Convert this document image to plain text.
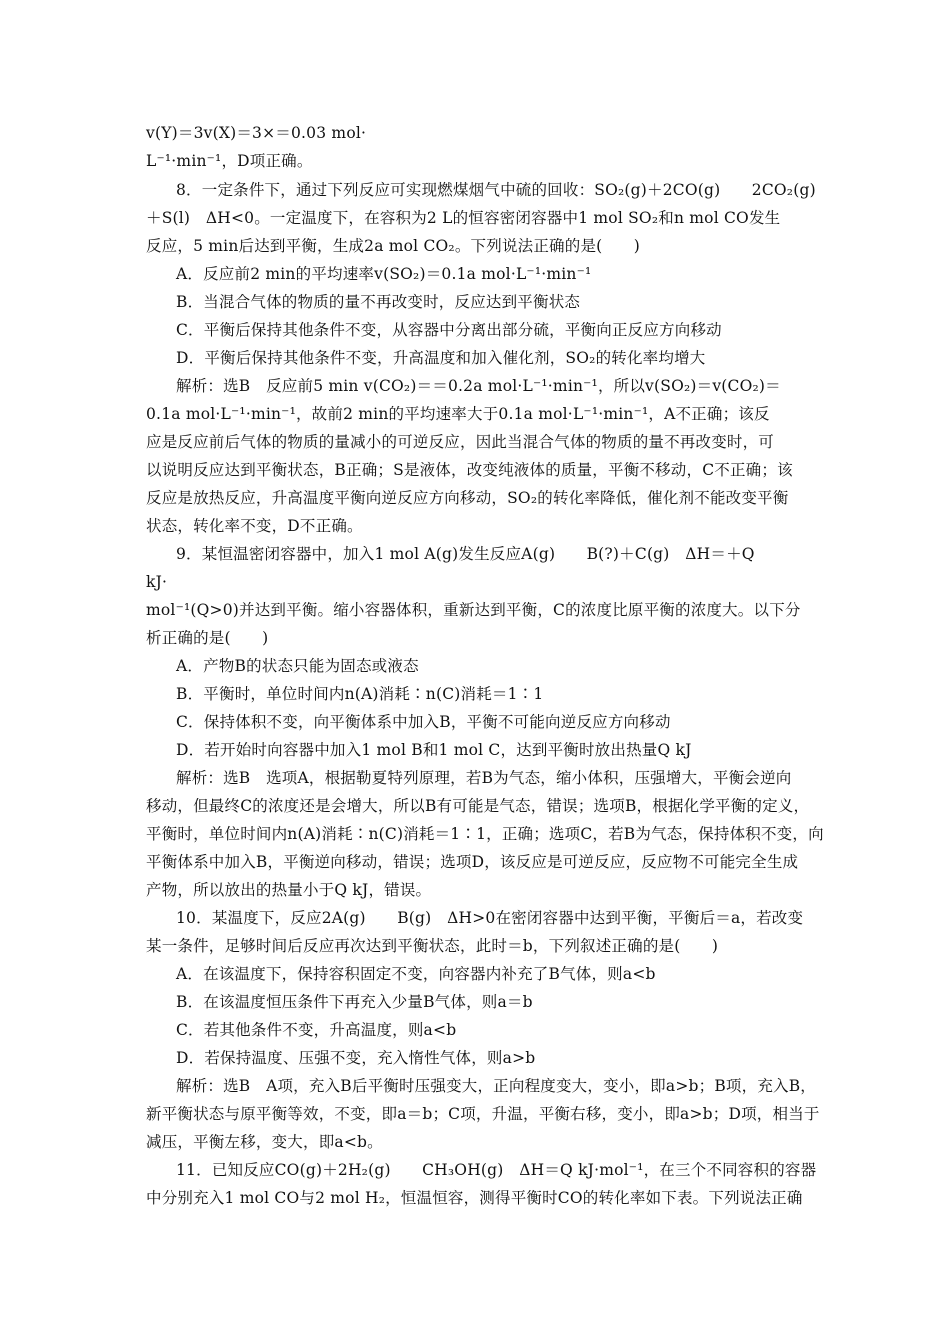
v(Y)＝3v(X)＝3×＝0.03 mol·
L⁻¹·min⁻¹，D项正确。
8．一定条件下，通过下列反应可实现燃煤烟气中硫的回收：SO₂(g)＋2CO(g)　　2CO₂(g)
＋S(l)　ΔH<0。一定温度下，在容积为2 L的恒容密闭容器中1 mol SO₂和n mol CO发生
反应，5 min后达到平衡，生成2a mol CO₂。下列说法正确的是(　　)
A．反应前2 min的平均速率v(SO₂)＝0.1a mol·L⁻¹·min⁻¹
B．当混合气体的物质的量不再改变时，反应达到平衡状态
C．平衡后保持其他条件不变，从容器中分离出部分硫，平衡向正反应方向移动
D．平衡后保持其他条件不变，升高温度和加入催化剂，SO₂的转化率均增大
解析：选B　反应前5 min v(CO₂)＝＝0.2a mol·L⁻¹·min⁻¹，所以v(SO₂)＝v(CO₂)＝
0.1a mol·L⁻¹·min⁻¹，故前2 min的平均速率大于0.1a mol·L⁻¹·min⁻¹，A不正确；该反
应是反应前后气体的物质的量减小的可逆反应，因此当混合气体的物质的量不再改变时，可
以说明反应达到平衡状态，B正确；S是液体，改变纯液体的质量，平衡不移动，C不正确；该
反应是放热反应，升高温度平衡向逆反应方向移动，SO₂的转化率降低，催化剂不能改变平衡
状态，转化率不变，D不正确。
9．某恒温密闭容器中，加入1 mol A(g)发生反应A(g)　　B(?)＋C(g)　ΔH＝＋Q
kJ·
mol⁻¹(Q>0)并达到平衡。缩小容器体积，重新达到平衡，C的浓度比原平衡的浓度大。以下分
析正确的是(　　)
A．产物B的状态只能为固态或液态
B．平衡时，单位时间内n(A)消耗∶n(C)消耗＝1∶1
C．保持体积不变，向平衡体系中加入B，平衡不可能向逆反应方向移动
D．若开始时向容器中加入1 mol B和1 mol C，达到平衡时放出热量Q kJ
解析：选B　选项A，根据勒夏特列原理，若B为气态，缩小体积，压强增大，平衡会逆向
移动，但最终C的浓度还是会增大，所以B有可能是气态，错误；选项B，根据化学平衡的定义，
平衡时，单位时间内n(A)消耗∶n(C)消耗＝1∶1，正确；选项C，若B为气态，保持体积不变，向
平衡体系中加入B，平衡逆向移动，错误；选项D，该反应是可逆反应，反应物不可能完全生成
产物，所以放出的热量小于Q kJ，错误。
10．某温度下，反应2A(g)　　B(g)　ΔH>0在密闭容器中达到平衡，平衡后＝a，若改变
某一条件，足够时间后反应再次达到平衡状态，此时＝b，下列叙述正确的是(　　)
A．在该温度下，保持容积固定不变，向容器内补充了B气体，则a<b
B．在该温度恒压条件下再充入少量B气体，则a＝b
C．若其他条件不变，升高温度，则a<b
D．若保持温度、压强不变，充入惰性气体，则a>b
解析：选B　A项，充入B后平衡时压强变大，正向程度变大，变小，即a>b；B项，充入B，
新平衡状态与原平衡等效，不变，即a＝b；C项，升温，平衡右移，变小，即a>b；D项，相当于
减压，平衡左移，变大，即a<b。
11．已知反应CO(g)＋2H₂(g)　　CH₃OH(g)　ΔH＝Q kJ·mol⁻¹，在三个不同容积的容器
中分别充入1 mol CO与2 mol H₂，恒温恒容，测得平衡时CO的转化率如下表。下列说法正确
